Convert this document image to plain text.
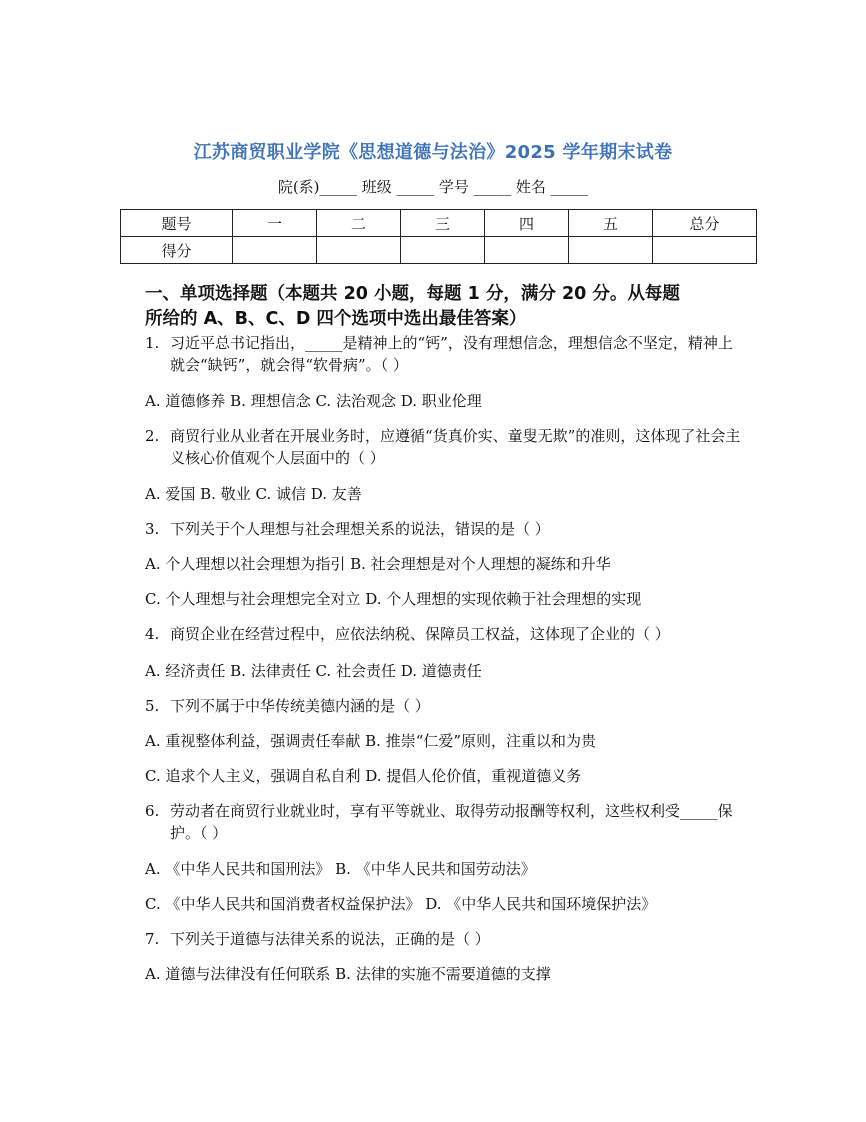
江苏商贸职业学院《思想道德与法治》2025 学年期末试卷
院(系)_____ 班级 _____ 学号 _____ 姓名 _____
题号	一	二	三	四	五	总分
得分						
一、单项选择题（本题共 20 小题，每题 1 分，满分 20 分。从每题
所给的 A、B、C、D 四个选项中选出最佳答案）
1. 习近平总书记指出，_____是精神上的“钙”，没有理想信念，理想信念不坚定，精神上就会“缺钙”，就会得“软骨病”。（ ）
A. 道德修养 B. 理想信念 C. 法治观念 D. 职业伦理
2. 商贸行业从业者在开展业务时，应遵循“货真价实、童叟无欺”的准则，这体现了社会主义核心价值观个人层面中的（ ）
A. 爱国 B. 敬业 C. 诚信 D. 友善
3. 下列关于个人理想与社会理想关系的说法，错误的是（ ）
A. 个人理想以社会理想为指引 B. 社会理想是对个人理想的凝练和升华
C. 个人理想与社会理想完全对立 D. 个人理想的实现依赖于社会理想的实现
4. 商贸企业在经营过程中，应依法纳税、保障员工权益，这体现了企业的（ ）
A. 经济责任 B. 法律责任 C. 社会责任 D. 道德责任
5. 下列不属于中华传统美德内涵的是（ ）
A. 重视整体利益，强调责任奉献 B. 推崇“仁爱”原则，注重以和为贵
C. 追求个人主义，强调自私自利 D. 提倡人伦价值，重视道德义务
6. 劳动者在商贸行业就业时，享有平等就业、取得劳动报酬等权利，这些权利受_____保护。（ ）
A. 《中华人民共和国刑法》 B. 《中华人民共和国劳动法》
C. 《中华人民共和国消费者权益保护法》 D. 《中华人民共和国环境保护法》
7. 下列关于道德与法律关系的说法，正确的是（ ）
A. 道德与法律没有任何联系 B. 法律的实施不需要道德的支撑
